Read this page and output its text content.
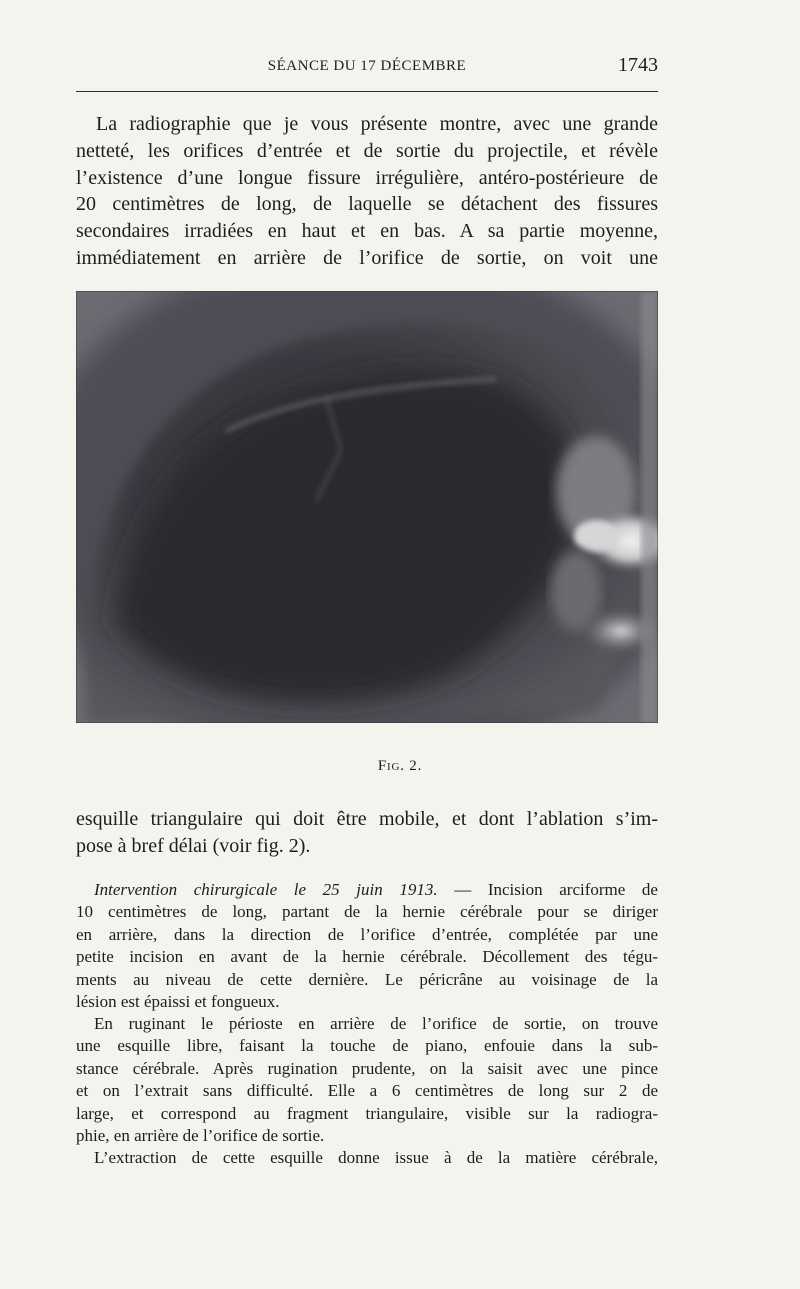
SÉANCE DU 17 DÉCEMBRE	1743
La radiographie que je vous présente montre, avec une grande
netteté, les orifices d’entrée et de sortie du projectile, et révèle
l’existence d’une longue fissure irrégulière, antéro-postérieure de
20 centimètres de long, de laquelle se détachent des fissures
secondaires irradiées en haut et en bas. A sa partie moyenne,
immédiatement en arrière de l’orifice de sortie, on voit une
Fig. 2.
esquille triangulaire qui doit être mobile, et dont l’ablation s’im-
pose à bref délai (voir fig. 2).
Intervention chirurgicale le 25 juin 1913. — Incision arciforme de
10 centimètres de long, partant de la hernie cérébrale pour se diriger
en arrière, dans la direction de l’orifice d’entrée, complétée par une
petite incision en avant de la hernie cérébrale. Décollement des tégu-
ments au niveau de cette dernière. Le péricrâne au voisinage de la
lésion est épaissi et fongueux.
En ruginant le périoste en arrière de l’orifice de sortie, on trouve
une esquille libre, faisant la touche de piano, enfouie dans la sub-
stance cérébrale. Après rugination prudente, on la saisit avec une pince
et on l’extrait sans difficulté. Elle a 6 centimètres de long sur 2 de
large, et correspond au fragment triangulaire, visible sur la radiogra-
phie, en arrière de l’orifice de sortie.
L’extraction de cette esquille donne issue à de la matière cérébrale,
